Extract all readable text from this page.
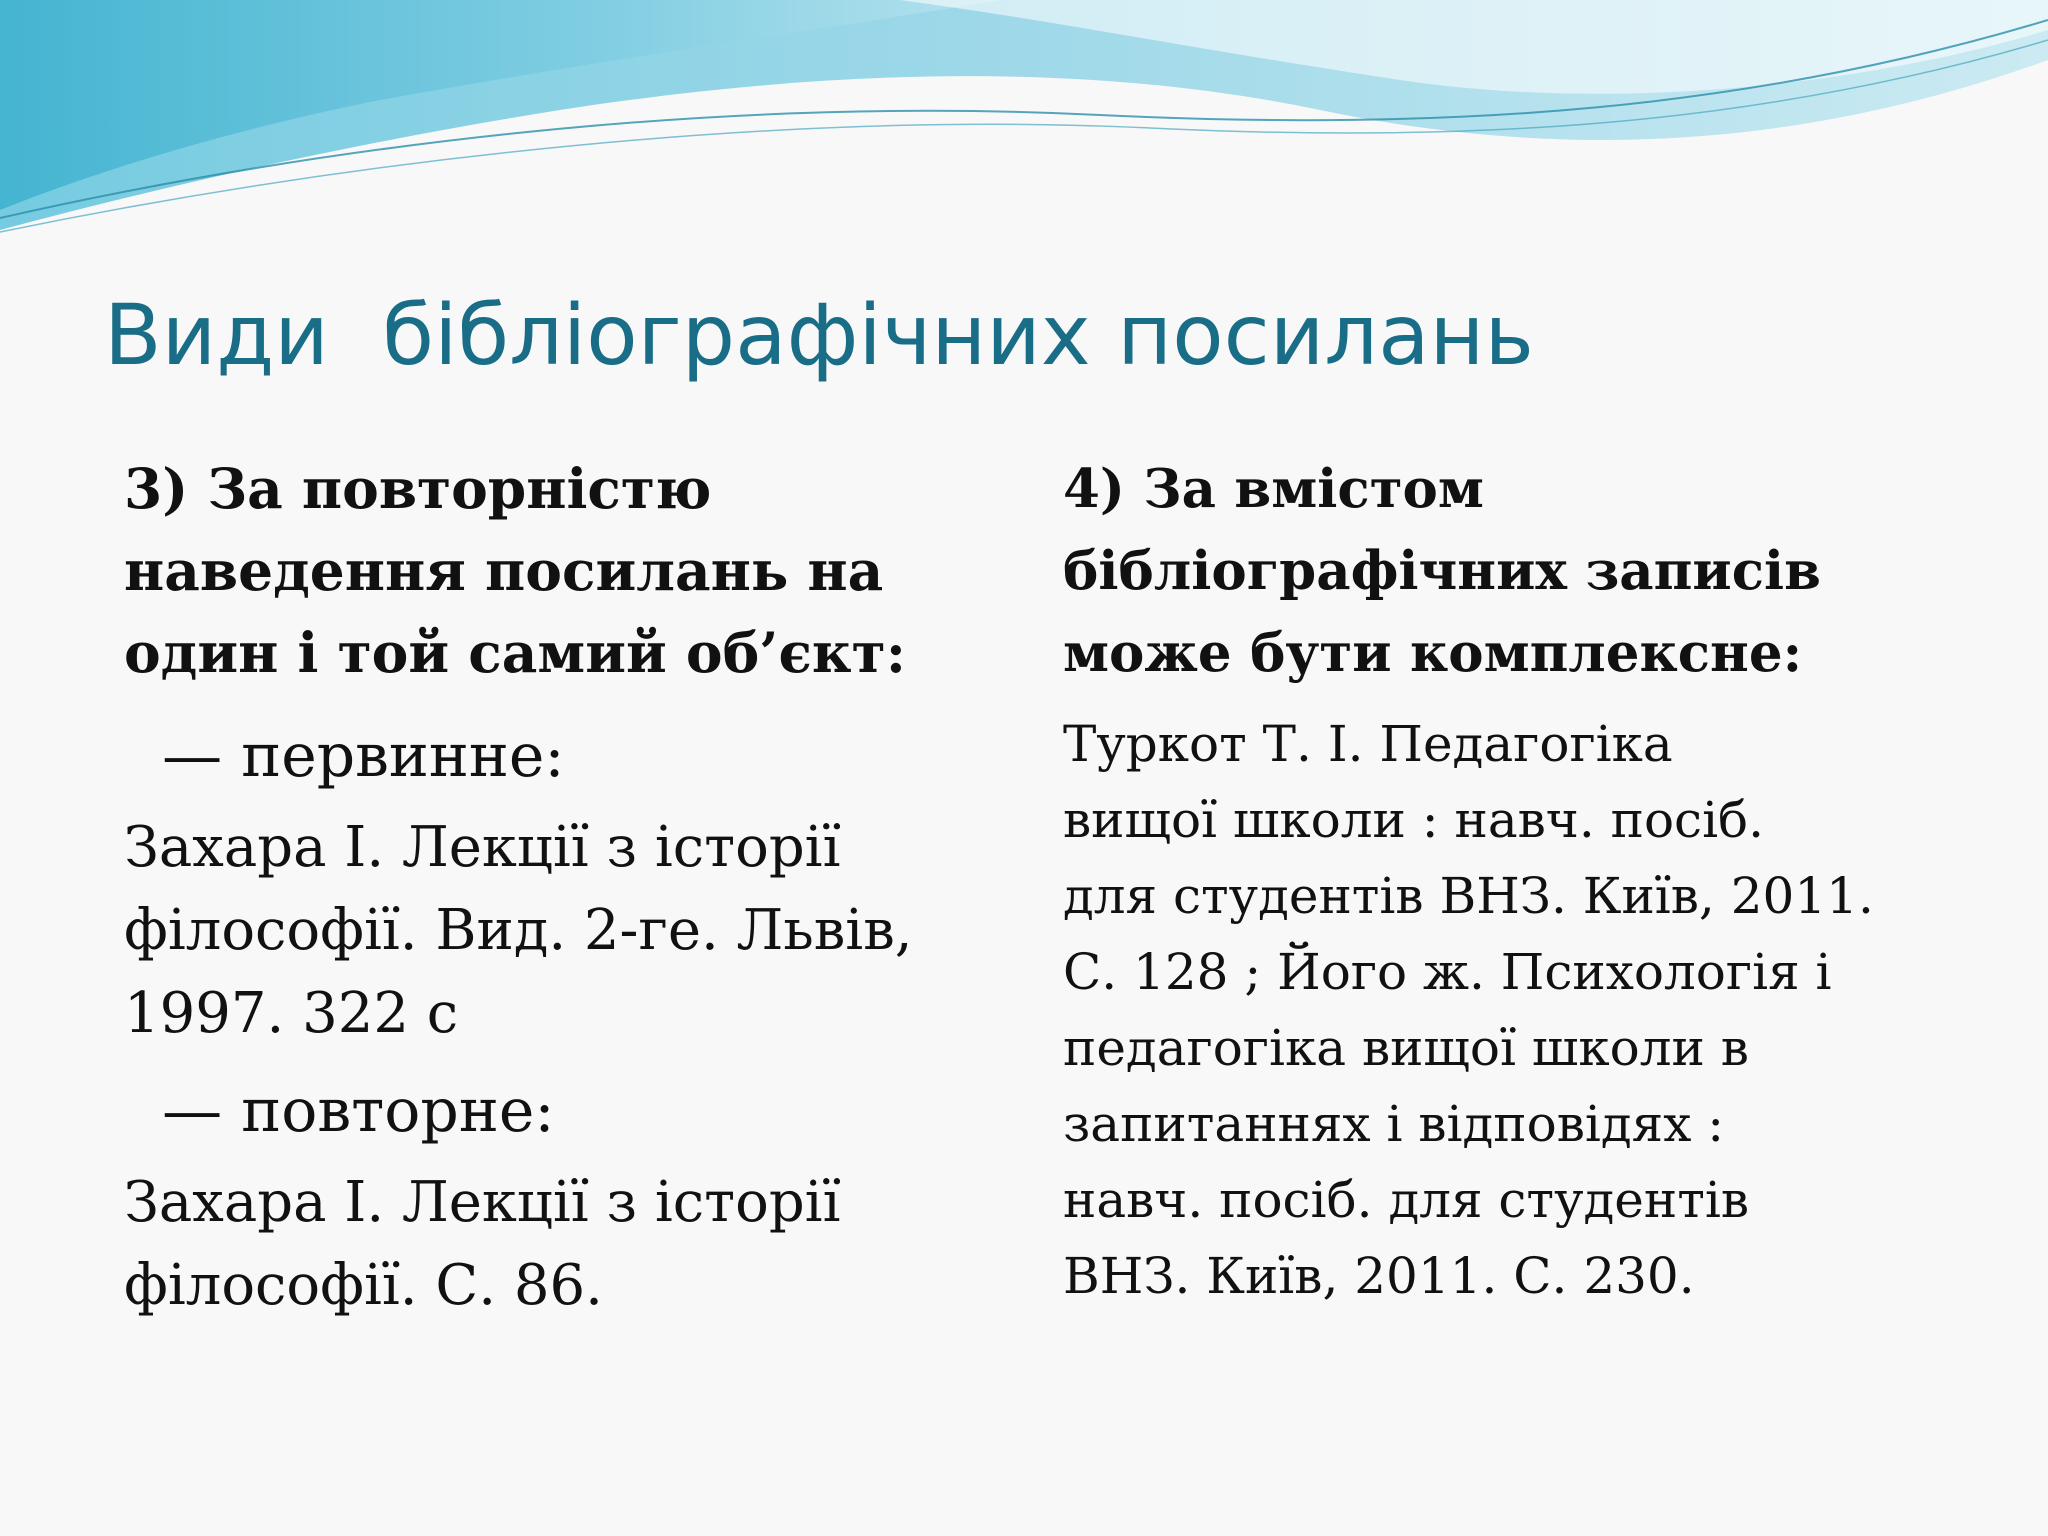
Види  бібліографічних посилань

3) За повторністю
наведення посилань на
один і той самий об’єкт:

— первинне:

Захара І. Лекції з історії
філософії. Вид. 2-ге. Львів,
1997. 322 с

— повторне:

Захара І. Лекції з історії
філософії. С. 86.

4) За вмістом
бібліографічних записів
може бути комплексне:

Туркот Т. І. Педагогіка
вищої школи : навч. посіб.
для студентів ВНЗ. Київ, 2011.
С. 128 ; Його ж. Психологія і
педагогіка вищої школи в
запитаннях і відповідях :
навч. посіб. для студентів
ВНЗ. Київ, 2011. С. 230.
